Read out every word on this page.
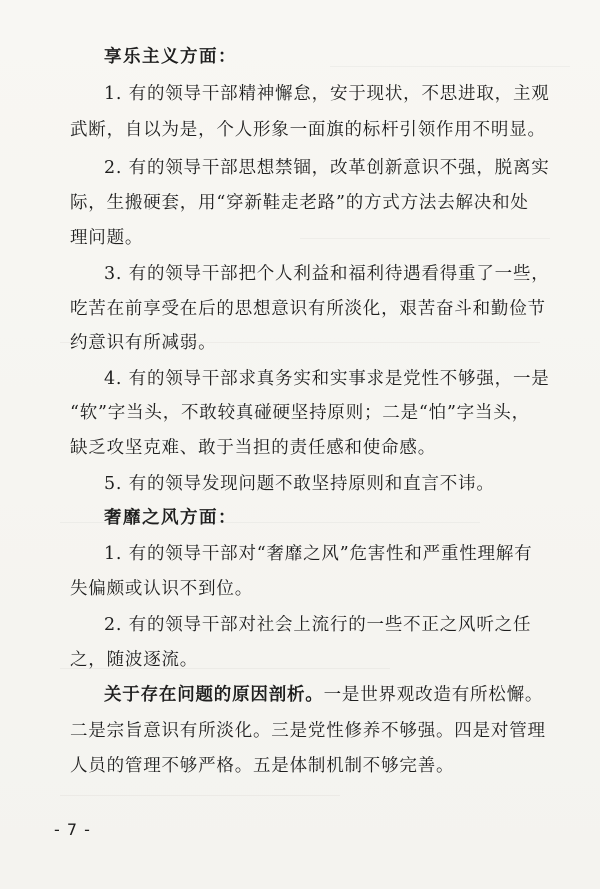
享乐主义方面：
1. 有的领导干部精神懈怠，安于现状，不思进取，主观
武断，自以为是，个人形象一面旗的标杆引领作用不明显。
2. 有的领导干部思想禁锢，改革创新意识不强，脱离实
际，生搬硬套，用“穿新鞋走老路”的方式方法去解决和处
理问题。
3. 有的领导干部把个人利益和福利待遇看得重了一些，
吃苦在前享受在后的思想意识有所淡化，艰苦奋斗和勤俭节
约意识有所减弱。
4. 有的领导干部求真务实和实事求是党性不够强，一是
“软”字当头，不敢较真碰硬坚持原则；二是“怕”字当头，
缺乏攻坚克难、敢于当担的责任感和使命感。
5. 有的领导发现问题不敢坚持原则和直言不讳。
奢靡之风方面：
1. 有的领导干部对“奢靡之风”危害性和严重性理解有
失偏颇或认识不到位。
2. 有的领导干部对社会上流行的一些不正之风听之任
之，随波逐流。
关于存在问题的原因剖析。一是世界观改造有所松懈。
二是宗旨意识有所淡化。三是党性修养不够强。四是对管理
人员的管理不够严格。五是体制机制不够完善。
- 7 -
